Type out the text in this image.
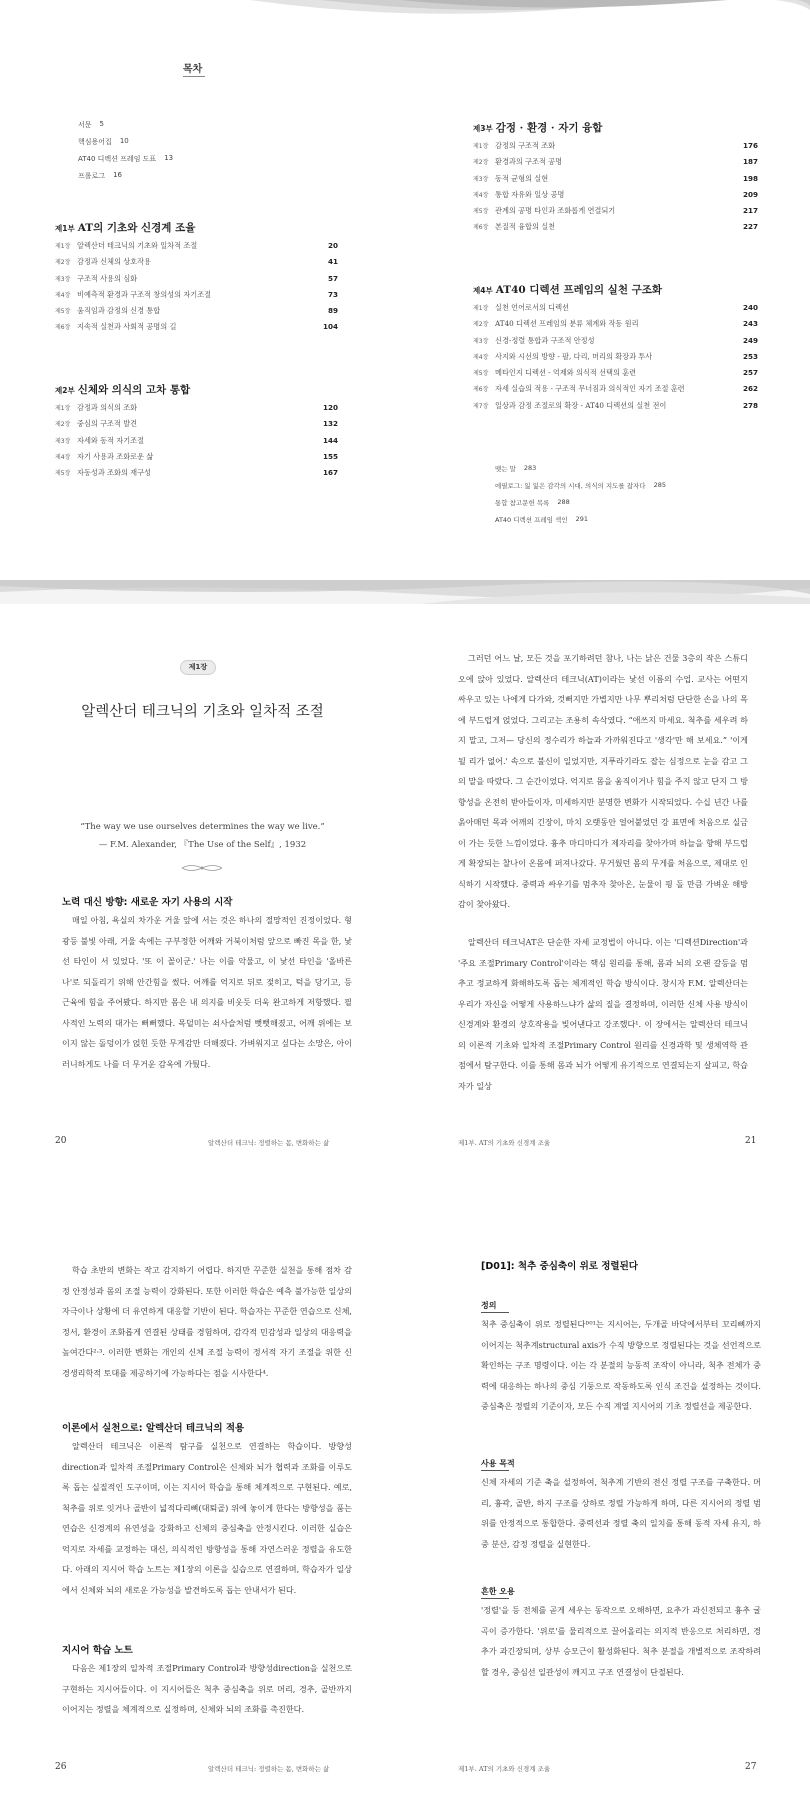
목차
서문 5
핵심용어집 10
AT40 디렉션 프레임 도표 13
프롤로그 16
제1부 AT의 기초와 신경계 조율
제1장 알렉산더 테크닉의 기초와 일차적 조절	20
제2장 감정과 신체의 상호작용	41
제3장 구조적 사용의 심화	57
제4장 비예측적 환경과 구조적 창의성의 자기조절	73
제5장 움직임과 감정의 신경 통합	89
제6장 지속적 실천과 사회적 공명의 길	104
제2부 신체와 의식의 고차 통합
제1장 감정과 의식의 조화	120
제2장 중심의 구조적 발견	132
제3장 자세와 동적 자기조절	144
제4장 자기 사용과 조화로운 삶	155
제5장 자동성과 조화의 재구성	167
제3부 감정 · 환경 · 자기 융합
제1장 감정의 구조적 조화	176
제2장 환경과의 구조적 공명	187
제3장 동적 균형의 실현	198
제4장 통합 자유와 일상 공명	209
제5장 관계의 공명 타인과 조화롭게 연결되기	217
제6장 본질적 융합의 실천	227
제4부 AT40 디렉션 프레임의 실천 구조화
제1장 실천 언어로서의 디렉션	240
제2장 AT40 디렉션 프레임의 분류 체계와 작동 원리	243
제3장 신경-정렬 통합과 구조적 안정성	249
제4장 사지와 시선의 방향 - 팔, 다리, 머리의 확장과 투사	253
제5장 메타인지 디렉션 - 억제와 의식적 선택의 훈련	257
제6장 자세 실습의 적용 - 구조적 무너짐과 의식적인 자기 조절 훈련	262
제7장 일상과 감정 조절로의 확장 - AT40 디렉션의 실천 전이	278
맺는 말 283
에필로그: 잃 잃은 감각의 시대, 의식의 지도를 잡자다 285
통합 참고문헌 목록 288
AT40 디렉션 프레임 색인 291
제1장
알렉산더 테크닉의 기초와 일차적 조절
“The way we use ourselves determines the way we live.”
— F.M. Alexander, 『The Use of the Self』, 1932
노력 대신 방향: 새로운 자기 사용의 시작
매일 아침, 욕실의 차가운 거울 앞에 서는 것은 하나의 절망적인 진정이었다. 형광등 불빛 아래, 거울 속에는 구부정한 어깨와 거북이처럼 앞으로 빠진 목을 한, 낯선 타인이 서 있었다. '또 이 꼴이군.' 나는 이를 악물고, 이 낯선 타인을 '올바른 나'로 되돌리기 위해 안간힘을 썼다. 어깨를 억지로 뒤로 젖히고, 턱을 당기고, 등 근육에 힘을 주어봤다. 하지만 몸은 내 의지를 비웃듯 더욱 완고하게 저항했다. 필사적인 노력의 대가는 뻐뻐했다. 목덜미는 쇠사슬처럼 뻣뻣해졌고, 어깨 위에는 보이지 않는 돌덩이가 얹힌 듯한 무게감만 더해졌다. 가벼워지고 싶다는 소망은, 아이러니하게도 나를 더 무거운 감옥에 가뒀다.
20	알렉산더 테크닉: 정렬하는 몸, 변화하는 삶
그러던 어느 날, 모든 것을 포기하려던 참나, 나는 낡은 건물 3층의 작은 스튜디오에 앉아 있었다. 알렉산더 테크닉(AT)이라는 낯선 이름의 수업. 교사는 어떤지 싸우고 있는 나에게 다가와, 것뻐지만 가볍지만 나무 뿌리처럼 단단한 손을 나의 목에 부드럽게 얹었다. 그리고는 조용히 속삭였다. “애쓰지 마세요. 척추를 세우려 하지 말고, 그저— 당신의 정수리가 하늘과 가까워진다고 '생각'만 해 보세요.” '이게 될 리가 없어.' 속으로 불신이 일었지만, 지푸라기라도 잡는 심정으로 눈을 감고 그의 말을 따랐다. 그 순간이었다. 억지로 몸을 움직이거나 힘을 주지 않고 단지 그 방향성을 온전히 받아들이자, 미세하지만 분명한 변화가 시작되었다. 수십 년간 나를 옭아매던 목과 어깨의 긴장이, 마치 오랫동안 얼어붙었던 강 표면에 처음으로 실금이 가는 듯한 느낌이었다. 흉추 마디마디가 제자리를 찾아가며 하늘을 향해 부드럽게 확장되는 찰나이 온몸에 퍼져나갔다. 무거웠던 몸의 무게를 처음으로, 제대로 인식하기 시작했다. 중력과 싸우기를 멈추자 찾아온, 눈물이 핑 돌 만큼 가벼운 해방감이 찾아왔다.
알렉산더 테크닉AT은 단순한 자세 교정법이 아니다. 이는 '디렉션Direction'과 '주요 조절Primary Control'이라는 핵심 원리를 통해, 몸과 뇌의 오랜 갈등을 멈추고 정교하게 화해하도록 돕는 체계적인 학습 방식이다. 창시자 F.M. 알렉산더는 우리가 자신을 어떻게 사용하느냐가 삶의 질을 결정하며, 이러한 신체 사용 방식이 신경계와 환경의 상호작용을 빚어낸다고 강조했다¹. 이 장에서는 알렉산더 테크닉의 이론적 기초와 일차적 조절Primary Control 원리를 신경과학 및 생체역학 관점에서 탐구한다. 이를 통해 몸과 뇌가 어떻게 유기적으로 연결되는지 살피고, 학습자가 일상
제1부. AT의 기초와 신경계 조율	21
학습 초반의 변화는 작고 감지하기 어렵다. 하지만 꾸준한 실천을 통해 점차 감정 안정성과 몸의 조절 능력이 강화된다. 또한 이러한 학습은 예측 불가능한 일상의 자극이나 상황에 더 유연하게 대응할 기반이 된다. 학습자는 꾸준한 연습으로 신체, 정서, 환경이 조화롭게 연결된 상태를 경험하며, 감각적 민감성과 일상의 대응력을 높여간다²·³. 이러한 변화는 개인의 신체 조절 능력이 정서적 자기 조절을 위한 신경생리학적 토대를 제공하기에 가능하다는 점을 시사한다⁴.
이론에서 실천으로: 알렉산더 테크닉의 적용
알렉산더 테크닉은 이론적 탐구를 실천으로 연결하는 학습이다. 방향성direction과 일차적 조절Primary Control은 신체와 뇌가 협력과 조화를 이루도록 돕는 실질적인 도구이며, 이는 지시어 학습을 통해 체계적으로 구현된다. 예로, 척추를 위로 잇거나 골반이 넓적다리뼈(대퇴골) 위에 놓이게 한다는 방향성을 품는 연습은 신경계의 유연성을 강화하고 신체의 중심축을 안정시킨다. 이러한 실습은 억지로 자세를 교정하는 대신, 의식적인 방향성을 통해 자연스러운 정렬을 유도한다. 아래의 지시어 학습 노트는 제1장의 이론을 실습으로 연결하며, 학습자가 일상에서 신체와 뇌의 새로운 가능성을 발견하도록 돕는 안내서가 된다.
지시어 학습 노트
다음은 제1장의 일차적 조절Primary Control과 방향성direction을 실천으로 구현하는 지시어들이다. 이 지시어들은 척추 중심축을 위로 머리, 경추, 골반까지 이어지는 정렬을 체계적으로 실정하며, 신체와 뇌의 조화를 촉진한다.
26	알렉산더 테크닉: 정렬하는 몸, 변화하는 삶
[D01]: 척추 중심축이 위로 정렬된다
정의
척추 중심축이 위로 정렬된다ᴰ⁰¹는 지시어는, 두개골 바닥에서부터 꼬리뼈까지 이어지는 척추계structural axis가 수직 방향으로 정렬된다는 것을 선언적으로 확인하는 구조 명령이다. 이는 각 분절의 능동적 조작이 아니라, 척추 전체가 중력에 대응하는 하나의 중심 기둥으로 작동하도록 인식 조건을 설정하는 것이다. 중심축은 정렬의 기준이자, 모든 수직 계열 지시어의 기초 정렬선을 제공한다.
사용 목적
신체 자세의 기준 축을 설정하여, 척추계 기반의 전신 정렬 구조를 구축한다. 머리, 흉곽, 골반, 하지 구조를 상하로 정렬 가능하게 하며, 다른 지시어의 정렬 범위를 안정적으로 통합한다. 중력선과 정렬 축의 일치를 통해 동적 자세 유지, 하중 분산, 감정 정렬을 실현한다.
흔한 오용
'정렬'을 등 전체를 곧게 세우는 동작으로 오해하면, 요추가 과신전되고 흉추 굴곡이 증가한다. '위로'를 물리적으로 끌어올리는 의지적 반응으로 처리하면, 경추가 과긴장되며, 상부 승모근이 활성화된다. 척추 분절을 개별적으로 조작하려 할 경우, 중심선 일관성이 깨지고 구조 연결성이 단절된다.
제1부. AT의 기초와 신경계 조율	27
